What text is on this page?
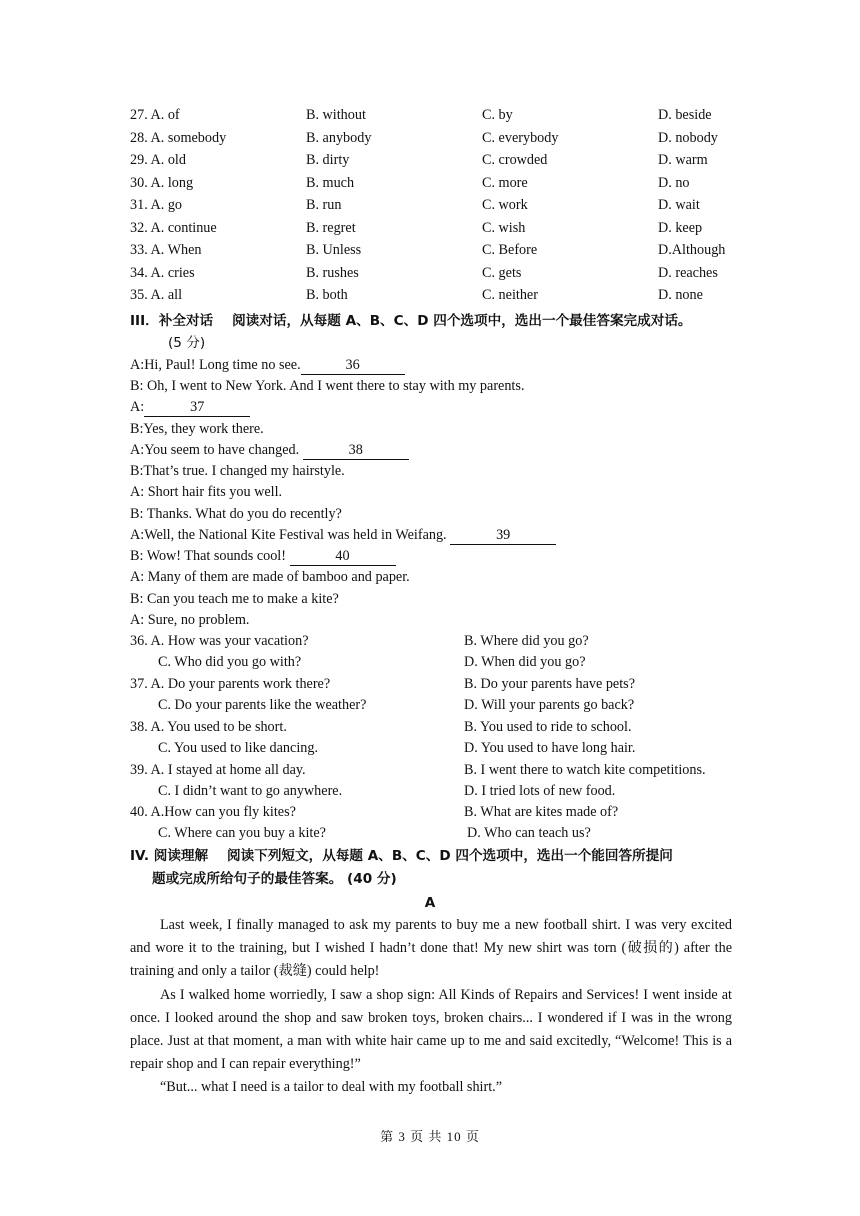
27. A. of	B. without	C. by	D. beside
28. A. somebody	B. anybody	C. everybody	D. nobody
29. A. old	B. dirty	C. crowded	D. warm
30. A. long	B. much	C. more	D. no
31. A. go	B. run	C. work	D. wait
32. A. continue	B. regret	C. wish	D. keep
33. A. When	B. Unless	C. Before	D.Although
34. A. cries	B. rushes	C. gets	D. reaches
35. A. all	B. both	C. neither	D. none
III．补全对话 阅读对话，从每题 A、B、C、D 四个选项中，选出一个最佳答案完成对话。
(5 分)
A:Hi, Paul! Long time no see.	36
B: Oh, I went to New York. And I went there to stay with my parents.
A:	37
B:Yes, they work there.
A:You seem to have changed.	38
B:That’s true. I changed my hairstyle.
A: Short hair fits you well.
B: Thanks. What do you do recently?
A:Well, the National Kite Festival was held in Weifang.	39
B: Wow! That sounds cool!	40
A: Many of them are made of bamboo and paper.
B: Can you teach me to make a kite?
A: Sure, no problem.
36. A. How was your vacation?	B. Where did you go?
C. Who did you go with?	D. When did you go?
37. A. Do your parents work there?	B. Do your parents have pets?
C. Do your parents like the weather?	D. Will your parents go back?
38. A. You used to be short.	B. You used to ride to school.
C. You used to like dancing.	D. You used to have long hair.
39. A. I stayed at home all day.	B. I went there to watch kite competitions.
C. I didn’t want to go anywhere.	D. I tried lots of new food.
40. A.How can you fly kites?	B. What are kites made of?
C. Where can you buy a kite?	D. Who can teach us?
IV. 阅读理解 阅读下列短文，从每题 A、B、C、D 四个选项中，选出一个能回答所提问
题或完成所给句子的最佳答案。 (40 分)
A
Last week, I finally managed to ask my parents to buy me a new football shirt. I was very excited and wore it to the training, but I wished I hadn’t done that! My new shirt was torn (破损的) after the training and only a tailor (裁缝) could help!
As I walked home worriedly, I saw a shop sign: All Kinds of Repairs and Services! I went inside at once. I looked around the shop and saw broken toys, broken chairs... I wondered if I was in the wrong place. Just at that moment, a man with white hair came up to me and said excitedly, “Welcome! This is a repair shop and I can repair everything!”
“But... what I need is a tailor to deal with my football shirt.”
第 3 页 共 10 页
